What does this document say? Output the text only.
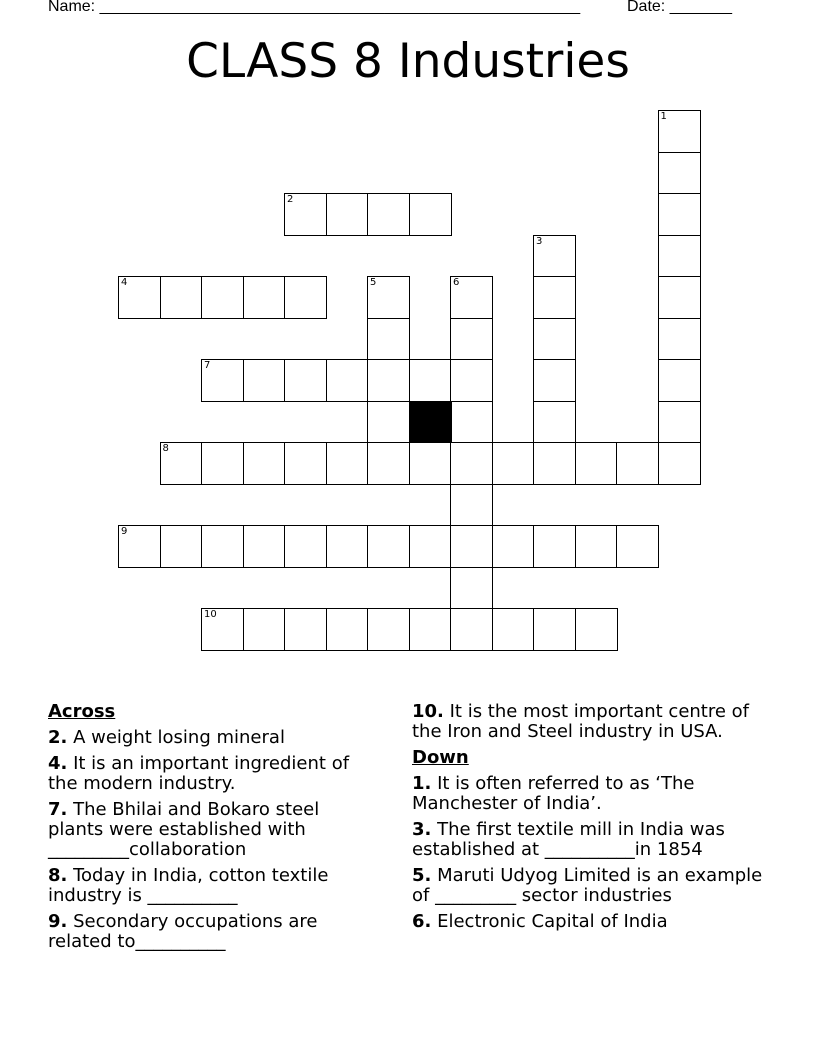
Name: ______________________________________________________	Date: _______
CLASS 8 Industries
1
2
3
4	5	6
7
8
9
10
Across
2. A weight losing mineral
4. It is an important ingredient of the modern industry.
7. The Bhilai and Bokaro steel plants were established with _________collaboration
8. Today in India, cotton textile industry is __________
9. Secondary occupations are related to__________
10. It is the most important centre of the Iron and Steel industry in USA.
Down
1. It is often referred to as ‘The Manchester of India’.
3. The first textile mill in India was established at __________in 1854
5. Maruti Udyog Limited is an example of _________ sector industries
6. Electronic Capital of India
